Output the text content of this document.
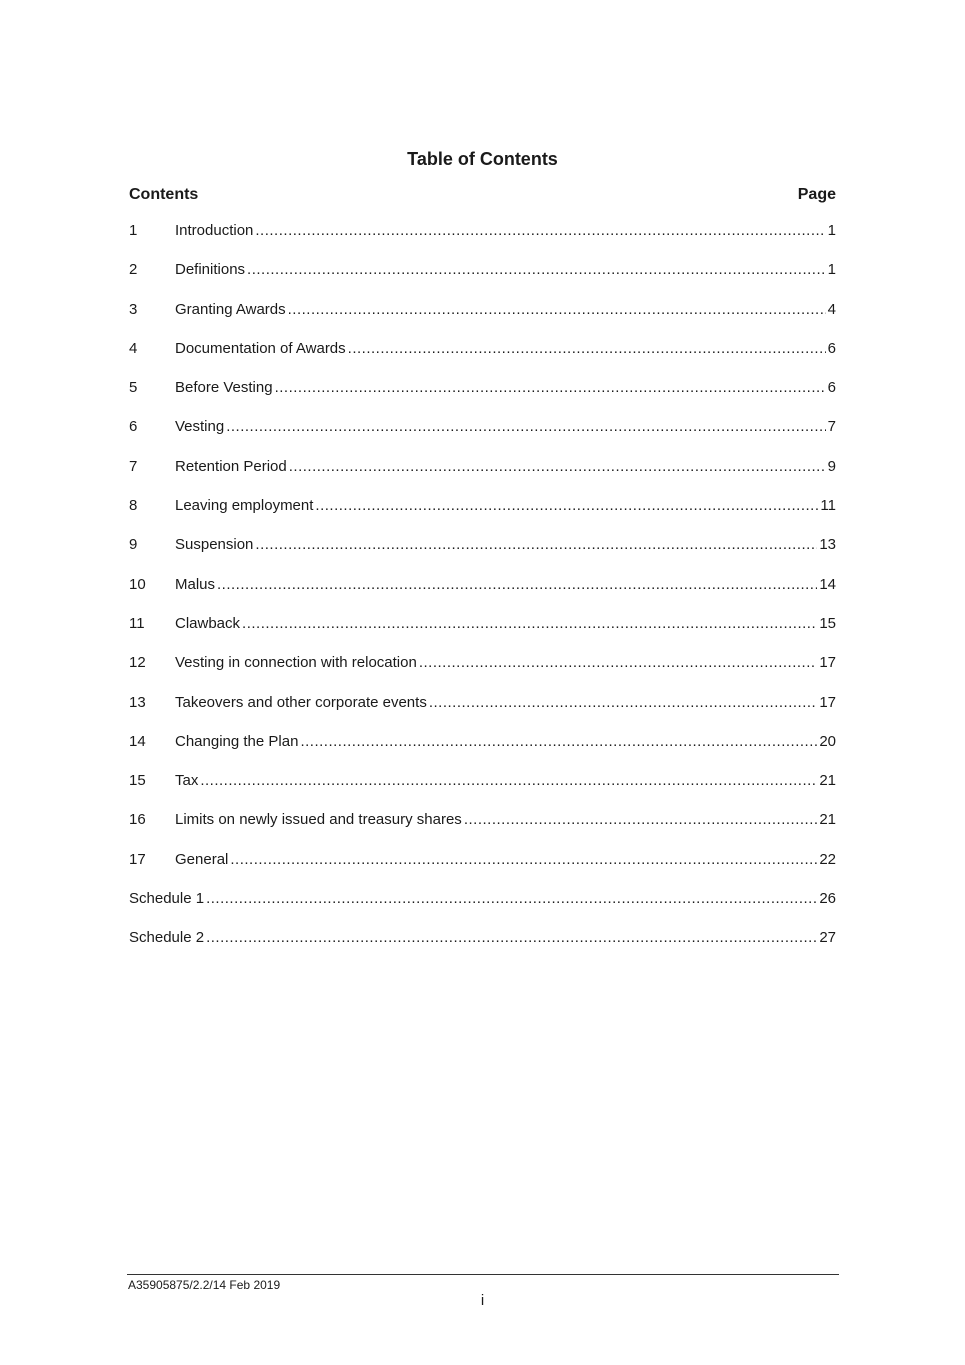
Table of Contents
Contents	Page
1	Introduction .....	1
2	Definitions .....	1
3	Granting Awards .....	4
4	Documentation of Awards .....	6
5	Before Vesting .....	6
6	Vesting .....	7
7	Retention Period .....	9
8	Leaving employment .....	11
9	Suspension .....	13
10	Malus .....	14
11	Clawback .....	15
12	Vesting in connection with relocation .....	17
13	Takeovers and other corporate events .....	17
14	Changing the Plan .....	20
15	Tax .....	21
16	Limits on newly issued and treasury shares .....	21
17	General .....	22
Schedule 1 .....	26
Schedule 2 .....	27
A35905875/2.2/14 Feb 2019
i
